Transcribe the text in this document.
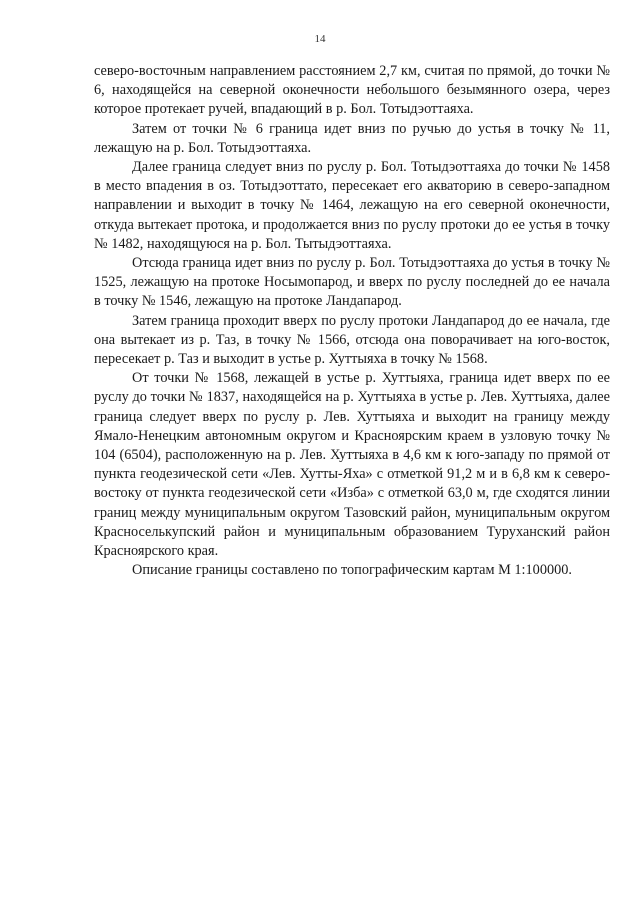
14

северо-восточным направлением расстоянием 2,7 км, считая по прямой, до точки № 6, находящейся на северной оконечности небольшого безымянного озера, через которое протекает ручей, впадающий в р. Бол. Тотыдэоттаяха.

Затем от точки № 6 граница идет вниз по ручью до устья в точку № 11, лежащую на р. Бол. Тотыдэоттаяха.

Далее граница следует вниз по руслу р. Бол. Тотыдэоттаяха до точки № 1458 в место впадения в оз. Тотыдэоттато, пересекает его акваторию в северо-западном направлении и выходит в точку № 1464, лежащую на его северной оконечности, откуда вытекает протока, и продолжается вниз по руслу протоки до ее устья в точку № 1482, находящуюся на р. Бол. Тытыдэоттаяха.

Отсюда граница идет вниз по руслу р. Бол. Тотыдэоттаяха до устья в точку № 1525, лежащую на протоке Носымопарод, и вверх по руслу последней до ее начала в точку № 1546, лежащую на протоке Ландапарод.

Затем граница проходит вверх по руслу протоки Ландапарод до ее начала, где она вытекает из р. Таз, в точку № 1566, отсюда она поворачивает на юго-восток, пересекает р. Таз и выходит в устье р. Хуттыяха в точку № 1568.

От точки № 1568, лежащей в устье р. Хуттыяха, граница идет вверх по ее руслу до точки № 1837, находящейся на р. Хуттыяха в устье р. Лев. Хуттыяха, далее граница следует вверх по руслу р. Лев. Хуттыяха и выходит на границу между Ямало-Ненецким автономным округом и Красноярским краем в узловую точку № 104 (6504), расположенную на р. Лев. Хуттыяха в 4,6 км к юго-западу по прямой от пункта геодезической сети «Лев. Хутты-Яха» с отметкой 91,2 м и в 6,8 км к северо-востоку от пункта геодезической сети «Изба» с отметкой 63,0 м, где сходятся линии границ между муниципальным округом Тазовский район, муниципальным округом Красноселькупский район и муниципальным образованием Туруханский район Красноярского края.

Описание границы составлено по топографическим картам М 1:100000.
